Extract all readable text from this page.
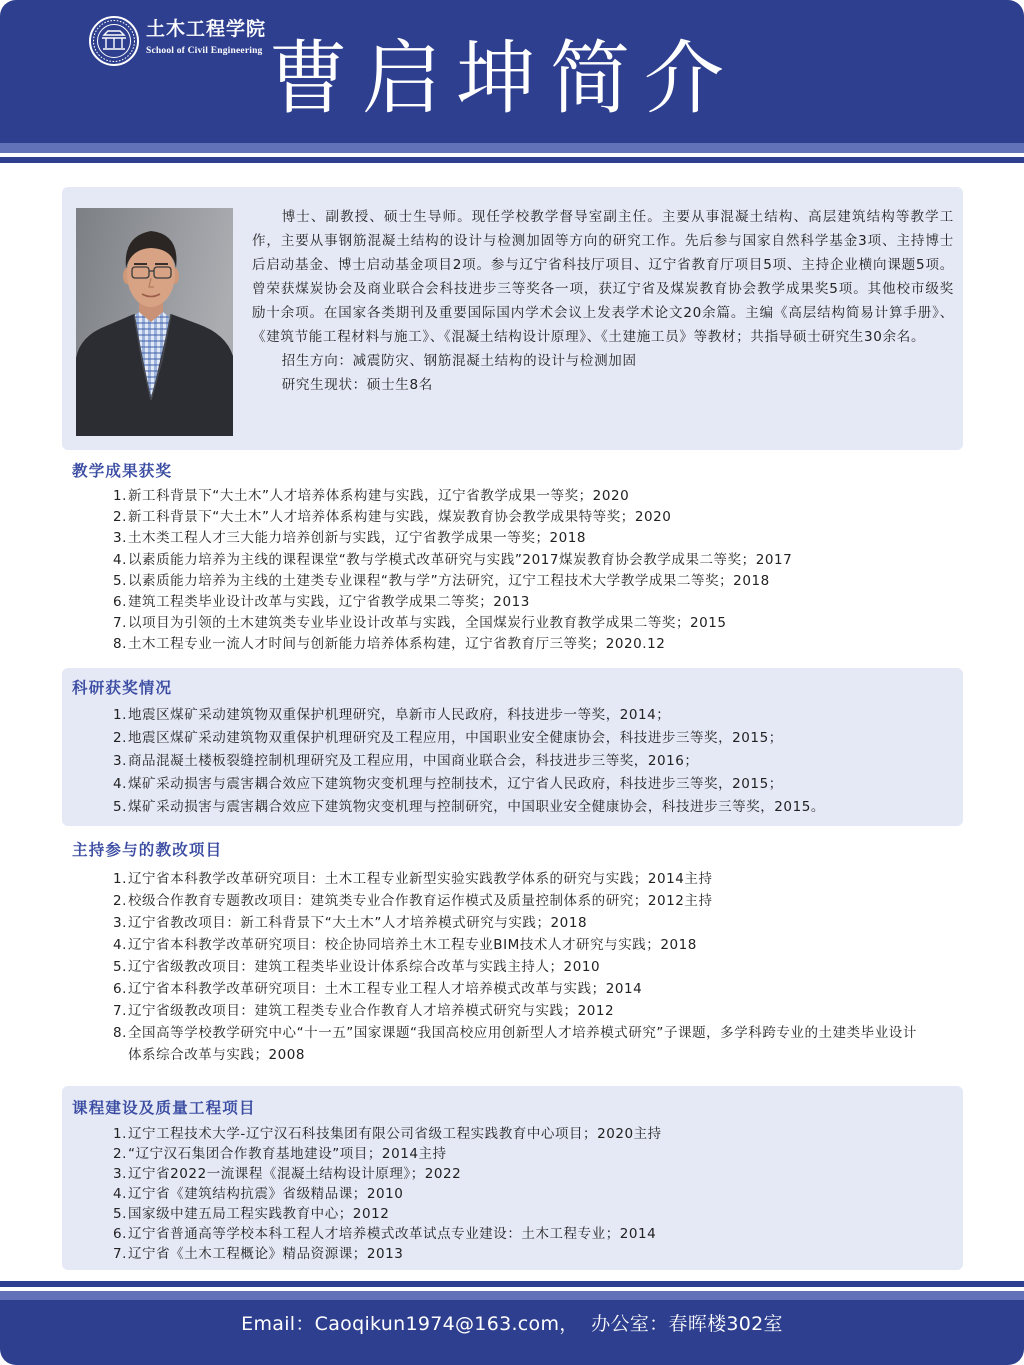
土木工程学院
School of Civil Engineering 曹启坤简介

博士、副教授、硕士生导师。现任学校教学督导室副主任。主要从事混凝土结构、高层建筑结构等教学工作，主要从事钢筋混凝土结构的设计与检测加固等方向的研究工作。先后参与国家自然科学基金3项、主持博士后启动基金、博士启动基金项目2项。参与辽宁省科技厅项目、辽宁省教育厅项目5项、主持企业横向课题5项。曾荣获煤炭协会及商业联合会科技进步三等奖各一项，获辽宁省及煤炭教育协会教学成果奖5项。其他校市级奖励十余项。在国家各类期刊及重要国际国内学术会议上发表学术论文20余篇。主编《高层结构简易计算手册》、《建筑节能工程材料与施工》、《混凝土结构设计原理》、《土建施工员》等教材；共指导硕士研究生30余名。

招生方向：减震防灾、钢筋混凝土结构的设计与检测加固

研究生现状：硕士生8名

教学成果获奖
1. 新工科背景下“大土木”人才培养体系构建与实践，辽宁省教学成果一等奖；2020
2. 新工科背景下“大土木”人才培养体系构建与实践，煤炭教育协会教学成果特等奖；2020
3. 土木类工程人才三大能力培养创新与实践，辽宁省教学成果一等奖；2018
4. 以素质能力培养为主线的课程课堂“教与学模式改革研究与实践”2017煤炭教育协会教学成果二等奖；2017
5. 以素质能力培养为主线的土建类专业课程“教与学”方法研究，辽宁工程技术大学教学成果二等奖；2018
6. 建筑工程类毕业设计改革与实践，辽宁省教学成果二等奖；2013
7. 以项目为引领的土木建筑类专业毕业设计改革与实践，全国煤炭行业教育教学成果二等奖；2015
8. 土木工程专业一流人才时间与创新能力培养体系构建，辽宁省教育厅三等奖；2020.12
科研获奖情况
1. 地震区煤矿采动建筑物双重保护机理研究，阜新市人民政府，科技进步一等奖，2014；
2. 地震区煤矿采动建筑物双重保护机理研究及工程应用，中国职业安全健康协会，科技进步三等奖，2015；
3. 商品混凝土楼板裂缝控制机理研究及工程应用，中国商业联合会，科技进步三等奖，2016；
4. 煤矿采动损害与震害耦合效应下建筑物灾变机理与控制技术，辽宁省人民政府，科技进步三等奖，2015；
5. 煤矿采动损害与震害耦合效应下建筑物灾变机理与控制研究，中国职业安全健康协会，科技进步三等奖，2015。
主持参与的教改项目
1. 辽宁省本科教学改革研究项目：土木工程专业新型实验实践教学体系的研究与实践；2014主持
2. 校级合作教育专题教改项目：建筑类专业合作教育运作模式及质量控制体系的研究；2012主持
3. 辽宁省教改项目：新工科背景下“大土木”人才培养模式研究与实践；2018
4. 辽宁省本科教学改革研究项目：校企协同培养土木工程专业BIM技术人才研究与实践；2018
5. 辽宁省级教改项目：建筑工程类毕业设计体系综合改革与实践主持人；2010
6. 辽宁省本科教学改革研究项目：土木工程专业工程人才培养模式改革与实践；2014
7. 辽宁省级教改项目：建筑工程类专业合作教育人才培养模式研究与实践；2012
8. 全国高等学校教学研究中心“十一五”国家课题“我国高校应用创新型人才培养模式研究”子课题，多学科跨专业的土建类毕业设计体系综合改革与实践；2008
课程建设及质量工程项目
1. 辽宁工程技术大学-辽宁汉石科技集团有限公司省级工程实践教育中心项目；2020主持
2. “辽宁汉石集团合作教育基地建设”项目；2014主持
3. 辽宁省2022一流课程《混凝土结构设计原理》；2022
4. 辽宁省《建筑结构抗震》省级精品课；2010
5. 国家级中建五局工程实践教育中心；2012
6. 辽宁省普通高等学校本科工程人才培养模式改革试点专业建设：土木工程专业；2014
7. 辽宁省《土木工程概论》精品资源课；2013
Email：Caoqikun1974@163.com，  办公室：春晖楼302室
